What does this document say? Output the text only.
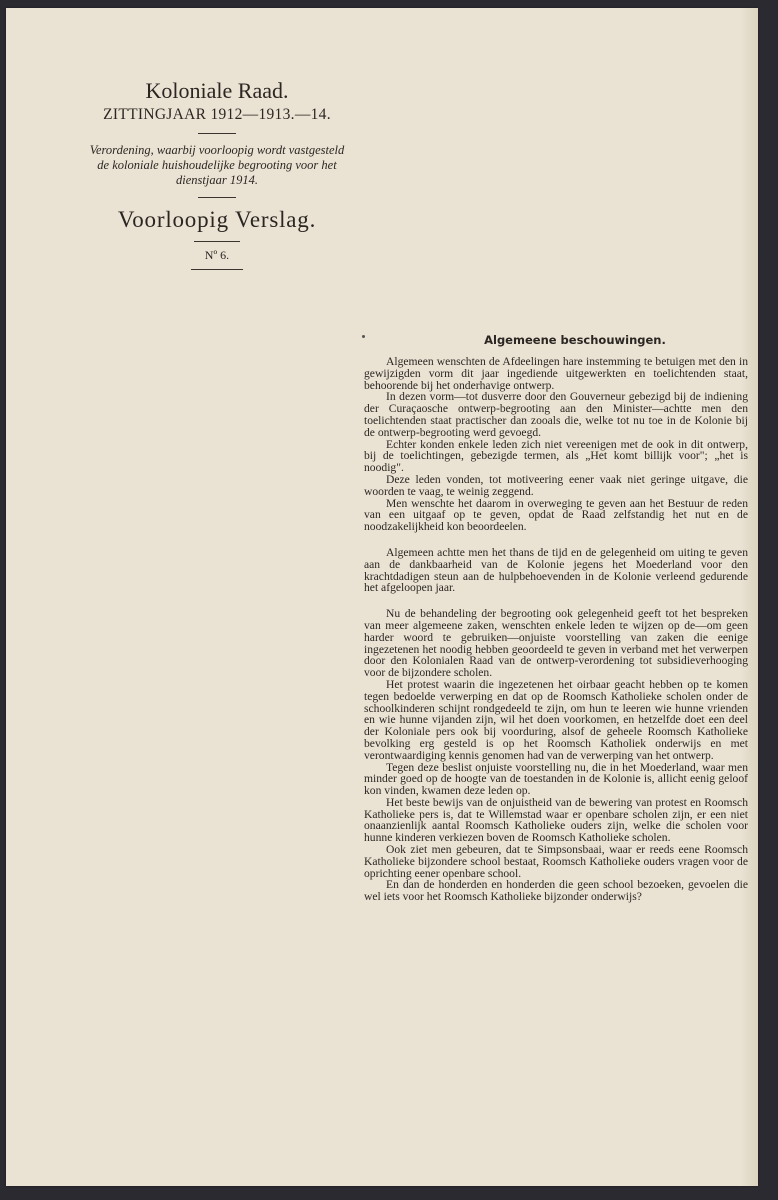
Koloniale Raad.

ZITTINGJAAR 1912—1913.—14.

Verordening, waarbij voorloopig wordt vastgesteld de koloniale huishoudelijke begrooting voor het dienstjaar 1914.

Voorloopig Verslag.

Nº 6.

Algemeene beschouwingen.

Algemeen wenschten de Afdeelingen hare instemming te betuigen met den in gewijzigden vorm dit jaar ingediende uitgewerkten en toelichtenden staat, behoorende bij het onderhavige ontwerp.

In dezen vorm—tot dusverre door den Gouverneur gebezigd bij de indiening der Curaçaosche ontwerp-begrooting aan den Minister—achtte men den toelichtenden staat practischer dan zooals die, welke tot nu toe in de Kolonie bij de ontwerp-begrooting werd gevoegd.

Echter konden enkele leden zich niet vereenigen met de ook in dit ontwerp, bij de toelichtingen, gebezigde termen, als „Het komt billijk voor"; „het is noodig".

Deze leden vonden, tot motiveering eener vaak niet geringe uitgave, die woorden te vaag, te weinig zeggend.

Men wenschte het daarom in overweging te geven aan het Bestuur de reden van een uitgaaf op te geven, opdat de Raad zelfstandig het nut en de noodzakelijkheid kon beoordeelen.

Algemeen achtte men het thans de tijd en de gelegenheid om uiting te geven aan de dankbaarheid van de Kolonie jegens het Moederland voor den krachtdadigen steun aan de hulpbehoevenden in de Kolonie verleend gedurende het afgeloopen jaar.

Nu de behandeling der begrooting ook gelegenheid geeft tot het bespreken van meer algemeene zaken, wenschten enkele leden te wijzen op de—om geen harder woord te gebruiken—onjuiste voorstelling van zaken die eenige ingezetenen het noodig hebben geoordeeld te geven in verband met het verwerpen door den Kolonialen Raad van de ontwerp-verordening tot subsidieverhooging voor de bijzondere scholen.

Het protest waarin die ingezetenen het oirbaar geacht hebben op te komen tegen bedoelde verwerping en dat op de Roomsch Katholieke scholen onder de schoolkinderen schijnt rondgedeeld te zijn, om hun te leeren wie hunne vrienden en wie hunne vijanden zijn, wil het doen voorkomen, en hetzelfde doet een deel der Koloniale pers ook bij voorduring, alsof de geheele Roomsch Katholieke bevolking erg gesteld is op het Roomsch Katholiek onderwijs en met verontwaardiging kennis genomen had van de verwerping van het ontwerp.

Tegen deze beslist onjuiste voorstelling nu, die in het Moederland, waar men minder goed op de hoogte van de toestanden in de Kolonie is, allicht eenig geloof kon vinden, kwamen deze leden op.

Het beste bewijs van de onjuistheid van de bewering van protest en Roomsch Katholieke pers is, dat te Willemstad waar er openbare scholen zijn, er een niet onaanzienlijk aantal Roomsch Katholieke ouders zijn, welke die scholen voor hunne kinderen verkiezen boven de Roomsch Katholieke scholen.

Ook ziet men gebeuren, dat te Simpsonsbaai, waar er reeds eene Roomsch Katholieke bijzondere school bestaat, Roomsch Katholieke ouders vragen voor de oprichting eener openbare school.

En dan de honderden en honderden die geen school bezoeken, gevoelen die wel iets voor het Roomsch Katholieke bijzonder onderwijs?
